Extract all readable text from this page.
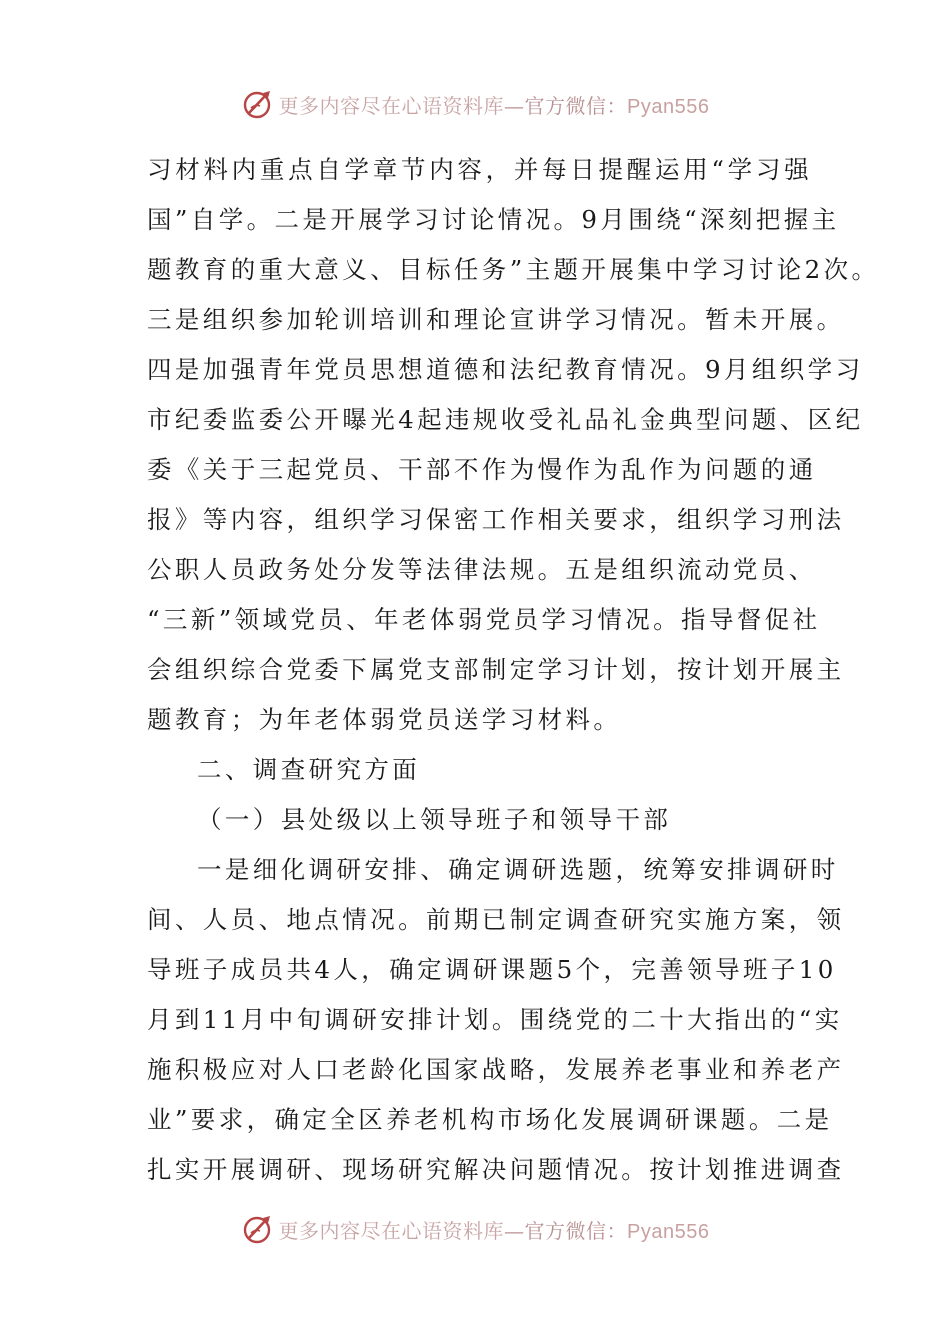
更多内容尽在心语资料库—官方微信：Pyan556
习材料内重点自学章节内容，并每日提醒运用“学习强
国”自学。二是开展学习讨论情况。9月围绕“深刻把握主
题教育的重大意义、目标任务”主题开展集中学习讨论2次。
三是组织参加轮训培训和理论宣讲学习情况。暂未开展。
四是加强青年党员思想道德和法纪教育情况。9月组织学习
市纪委监委公开曝光4起违规收受礼品礼金典型问题、区纪
委《关于三起党员、干部不作为慢作为乱作为问题的通
报》等内容，组织学习保密工作相关要求，组织学习刑法
公职人员政务处分发等法律法规。五是组织流动党员、
“三新”领域党员、年老体弱党员学习情况。指导督促社
会组织综合党委下属党支部制定学习计划，按计划开展主
题教育；为年老体弱党员送学习材料。
二、调查研究方面
（一）县处级以上领导班子和领导干部
一是细化调研安排、确定调研选题，统筹安排调研时
间、人员、地点情况。前期已制定调查研究实施方案，领
导班子成员共4人，确定调研课题5个，完善领导班子10
月到11月中旬调研安排计划。围绕党的二十大指出的“实
施积极应对人口老龄化国家战略，发展养老事业和养老产
业”要求，确定全区养老机构市场化发展调研课题。二是
扎实开展调研、现场研究解决问题情况。按计划推进调查
更多内容尽在心语资料库—官方微信：Pyan556
